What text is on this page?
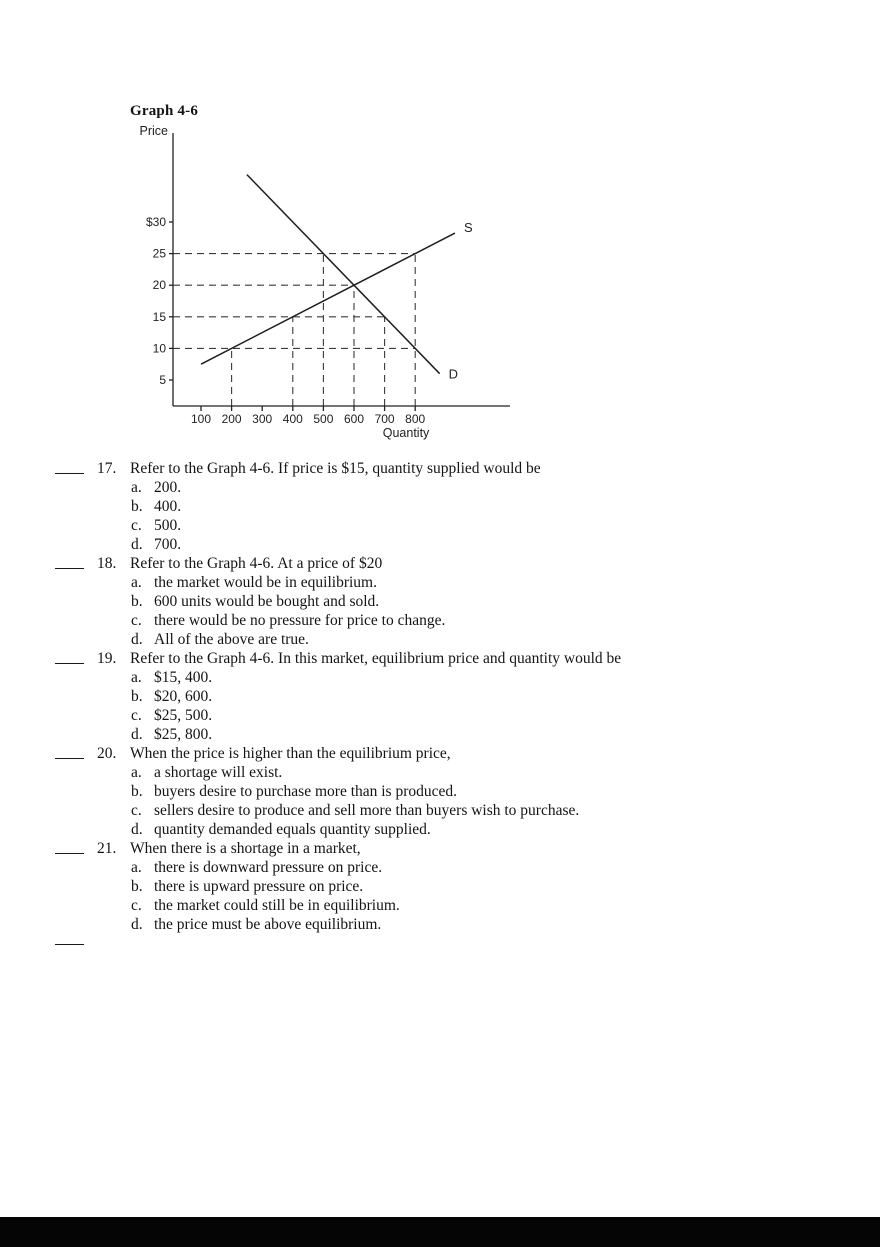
Graph 4-6
$30
25
20
15
10
5
100 200 300 400 500 600 700 800
Price
Quantity
S
D
17. Refer to the Graph 4-6. If price is $15, quantity supplied would be
a. 200.
b. 400.
c. 500.
d. 700.
18. Refer to the Graph 4-6. At a price of $20
a. the market would be in equilibrium.
b. 600 units would be bought and sold.
c. there would be no pressure for price to change.
d. All of the above are true.
19. Refer to the Graph 4-6. In this market, equilibrium price and quantity would be
a. $15, 400.
b. $20, 600.
c. $25, 500.
d. $25, 800.
20. When the price is higher than the equilibrium price,
a. a shortage will exist.
b. buyers desire to purchase more than is produced.
c. sellers desire to produce and sell more than buyers wish to purchase.
d. quantity demanded equals quantity supplied.
21. When there is a shortage in a market,
a. there is downward pressure on price.
b. there is upward pressure on price.
c. the market could still be in equilibrium.
d. the price must be above equilibrium.
